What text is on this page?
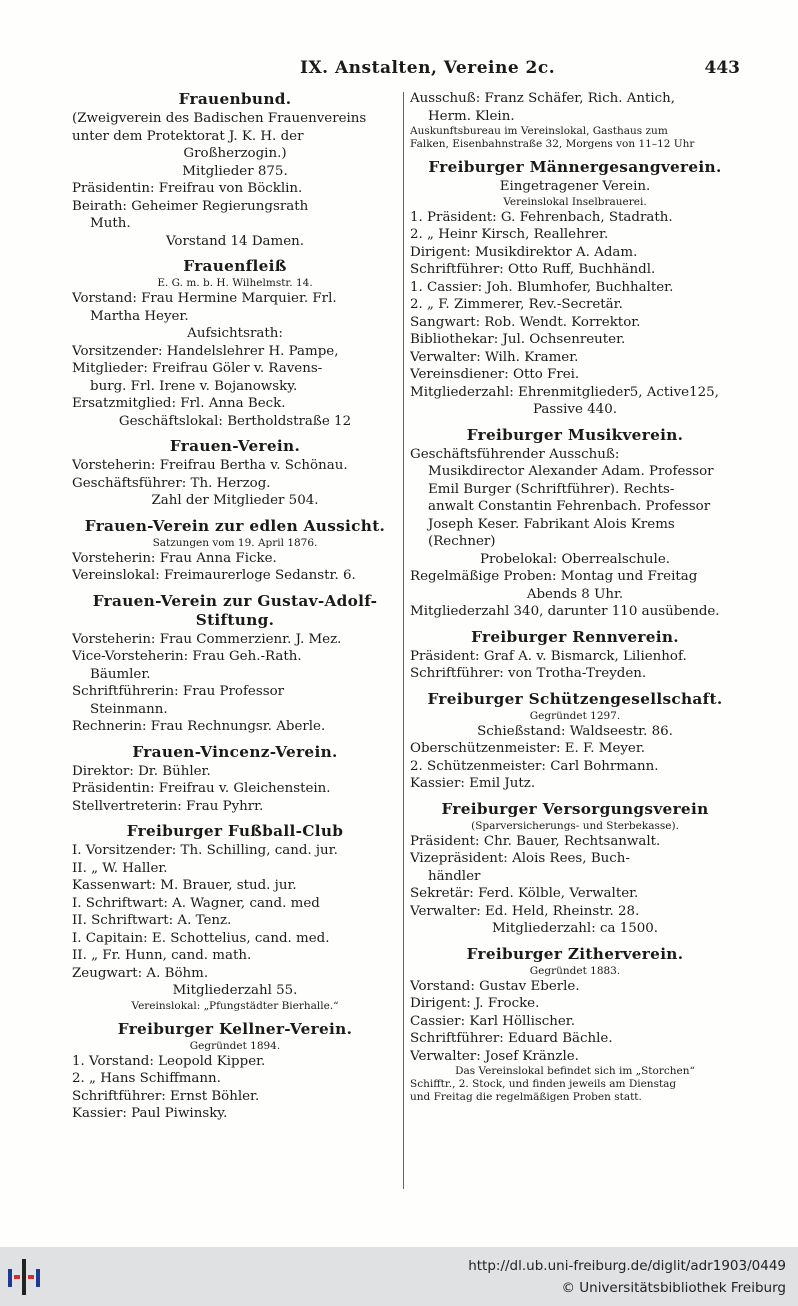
IX. Anstalten, Vereine 2c.	443
Frauenbund.
(Zweigverein des Badischen Frauenvereins
unter dem Protektorat J. K. H. der
Großherzogin.)
Mitglieder 875.
Präsidentin: Freifrau von Böcklin.
Beirath: Geheimer Regierungsrath
Muth.
Vorstand 14 Damen.
Frauenfleiß
E. G. m. b. H. Wilhelmstr. 14.
Vorstand: Frau Hermine Marquier. Frl.
Martha Heyer.
Aufsichtsrath:
Vorsitzender: Handelslehrer H. Pampe,
Mitglieder: Freifrau Göler v. Ravens-
burg. Frl. Irene v. Bojanowsky.
Ersatzmitglied: Frl. Anna Beck.
Geschäftslokal: Bertholdstraße 12
Frauen-Verein.
Vorsteherin: Freifrau Bertha v. Schönau.
Geschäftsführer: Th. Herzog.
Zahl der Mitglieder 504.
Frauen-Verein zur edlen Aussicht.
Satzungen vom 19. April 1876.
Vorsteherin: Frau Anna Ficke.
Vereinslokal: Freimaurerloge Sedanstr. 6.
Frauen-Verein zur Gustav-Adolf-Stiftung.
Vorsteherin: Frau Commerzienr. J. Mez.
Vice-Vorsteherin: Frau Geh.-Rath.
Bäumler.
Schriftführerin: Frau Professor
Steinmann.
Rechnerin: Frau Rechnungsr. Aberle.
Frauen-Vincenz-Verein.
Direktor: Dr. Bühler.
Präsidentin: Freifrau v. Gleichenstein.
Stellvertreterin: Frau Pyhrr.
Freiburger Fußball-Club
I. Vorsitzender: Th. Schilling, cand. jur.
II. „ W. Haller.
Kassenwart: M. Brauer, stud. jur.
I. Schriftwart: A. Wagner, cand. med
II. Schriftwart: A. Tenz.
I. Capitain: E. Schottelius, cand. med.
II. „ Fr. Hunn, cand. math.
Zeugwart: A. Böhm.
Mitgliederzahl 55.
Vereinslokal: „Pfungstädter Bierhalle.“
Freiburger Kellner-Verein.
Gegründet 1894.
1. Vorstand: Leopold Kipper.
2. „ Hans Schiffmann.
Schriftführer: Ernst Böhler.
Kassier: Paul Piwinsky.
Ausschuß: Franz Schäfer, Rich. Antich,
Herm. Klein.
Auskunftsbureau im Vereinslokal, Gasthaus zum
Falken, Eisenbahnstraße 32, Morgens von 11–12 Uhr
Freiburger Männergesangverein.
Eingetragener Verein.
Vereinslokal Inselbrauerei.
1. Präsident: G. Fehrenbach, Stadrath.
2. „ Heinr Kirsch, Reallehrer.
Dirigent: Musikdirektor A. Adam.
Schriftführer: Otto Ruff, Buchhändl.
1. Cassier: Joh. Blumhofer, Buchhalter.
2. „ F. Zimmerer, Rev.-Secretär.
Sangwart: Rob. Wendt. Korrektor.
Bibliothekar: Jul. Ochsenreuter.
Verwalter: Wilh. Kramer.
Vereinsdiener: Otto Frei.
Mitgliederzahl: Ehrenmitglieder5, Active125,
Passive 440.
Freiburger Musikverein.
Geschäftsführender Ausschuß:
Musikdirector Alexander Adam. Professor
Emil Burger (Schriftführer). Rechts-
anwalt Constantin Fehrenbach. Professor
Joseph Keser. Fabrikant Alois Krems
(Rechner)
Probelokal: Oberrealschule.
Regelmäßige Proben: Montag und Freitag
Abends 8 Uhr.
Mitgliederzahl 340, darunter 110 ausübende.
Freiburger Rennverein.
Präsident: Graf A. v. Bismarck, Lilienhof.
Schriftführer: von Trotha-Treyden.
Freiburger Schützengesellschaft.
Gegründet 1297.
Schießstand: Waldseestr. 86.
Oberschützenmeister: E. F. Meyer.
2. Schützenmeister: Carl Bohrmann.
Kassier: Emil Jutz.
Freiburger Versorgungsverein
(Sparversicherungs- und Sterbekasse).
Präsident: Chr. Bauer, Rechtsanwalt.
Vizepräsident: Alois Rees, Buch-
händler
Sekretär: Ferd. Kölble, Verwalter.
Verwalter: Ed. Held, Rheinstr. 28.
Mitgliederzahl: ca 1500.
Freiburger Zitherverein.
Gegründet 1883.
Vorstand: Gustav Eberle.
Dirigent: J. Frocke.
Cassier: Karl Höllischer.
Schriftführer: Eduard Bächle.
Verwalter: Josef Kränzle.
Das Vereinslokal befindet sich im „Storchen“
Schifftr., 2. Stock, und finden jeweils am Dienstag
und Freitag die regelmäßigen Proben statt.
http://dl.ub.uni-freiburg.de/diglit/adr1903/0449
© Universitätsbibliothek Freiburg
